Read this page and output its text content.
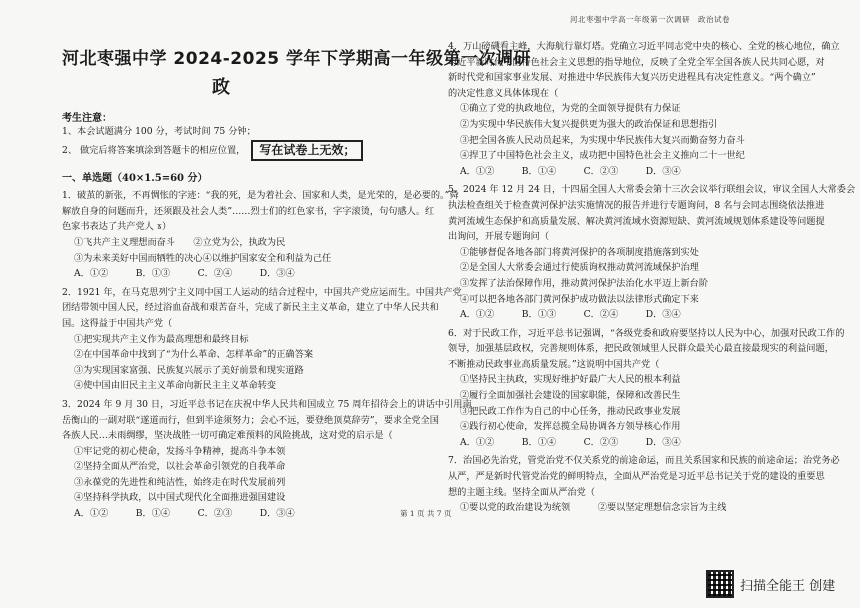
河北枣强中学高一年级第一次调研　政治试卷
河北枣强中学 2024-2025 学年下学期高一年级第一次调研
政
考生注意：
1、本会试题满分 100 分，考试时间 75 分钟；
2、 做完后将答案填涂到答题卡的相应位置，	写在试卷上无效；
一、单选题（40×1.5=60 分）
1．破茧的新张，不再惆怅的字迹：“我的死，是为着社会、国家和人类，是光荣的，是必要的。”舜
解放自身的问题而升，还须跟及社会人类”……烈士们的红色家书，字字滚烫，句句感人。红
色家书表达了共产党人 ɤ）
①飞共产主义理想而奋斗　　②立党为公，执政为民
③为未来美好中国而牺牲的决心④以维护国家安全和利益为己任
A．①②　　　B．①③　　　C．②④　　　D．③④
2．1921 年，在马克思列宁主义同中国工人运动的结合过程中，中国共产党应运而生。中国共产党
团结带领中国人民，经过浴血奋战和艰苦奋斗，完成了新民主主义革命，建立了中华人民共和
国。这得益于中国共产党（
①把实现共产主义作为最高理想和最终目标
②在中国革命中找到了“为什么革命、怎样革命”的正确答案
③为实现国家富强、民族复兴展示了美好前景和现实道路
④使中国由旧民主主义革命向新民主主义革命转变
3．2024 年 9 月 30 日，习近平总书记在庆祝中华人民共和国成立 75 周年招待会上的讲话中引用南
岳衡山的一副对联“遂道而行，但到半途须努力；会心不远，要登绝顶莫辞劳”，要求全党全国
各族人民…未雨绸缪，坚决战胜一切可确定难预料的风险挑战，这对党的启示是（
①牢记党的初心使命，发扬斗争精神，提高斗争本领
②坚持全面从严治党，以社会革命引领党的自我革命
③永葆党的先进性和纯洁性，始终走在时代发展前列
④坚持科学执政，以中国式现代化全面推进强国建设
A．①②　　　B．①④　　　C．②③　　　D．③④
4．万山磅礴看主峰，大海航行靠灯塔。党确立习近平同志党中央的核心、全党的核心地位，确立
习近平新时代中国特色社会主义思想的指导地位，反映了全党全军全国各族人民共同心愿，对
新时代党和国家事业发展、对推进中华民族伟大复兴历史进程具有决定性意义。“两个确立”
的决定性意义具体体现在（
①确立了党的执政地位，为党的全面领导提供有力保证
②为实现中华民族伟大复兴提供更为强大的政治保证和思想指引
③把全国各族人民动员起来，为实现中华民族伟大复兴而勤奋努力奋斗
④捍卫了中国特色社会主义，成功把中国特色社会主义推向二十一世纪
A．①②　　　B．①④　　　C．②③　　　D．③④
5．2024 年 12 月 24 日，十四届全国人大常委会第十三次会议举行联组会议，审议全国人大常委会
执法检查组关于检查黄河保护法实施情况的报告并进行专题询问，8 名与会同志围绕依法推进
黄河流域生态保护和高质量发展、解决黄河流域水资源短缺、黄河流域规划体系建设等问题提
出询问，开展专题询问（
①能够督促各地各部门将黄河保护的各项制度措施落到实处
②是全国人大常委会通过行使质询权推动黄河流域保护治理
③发挥了法治保障作用，推动黄河保护法治化水平迈上新台阶
④可以把各地各部门黄河保护成功做法以法律形式确定下来
A．①②　　　B．①③　　　C．②④　　　D．③④
6．对于民政工作，习近平总书记强调，“各级党委和政府要坚持以人民为中心，加强对民政工作的
领导，加强基层政权，完善规则体系，把民政领域里人民群众最关心最直接最现实的利益问题，
不断推动民政事业高质量发展。”这说明中国共产党（
①坚持民主执政，实现好维护好最广大人民的根本利益
②履行全面加强社会建设的国家职能，保障和改善民生
③把民政工作作为自己的中心任务，推动民政事业发展
④践行初心使命，发挥总揽全局协调各方领导核心作用
A．①②　　　B．①④　　　C．②③　　　D．③④
7．治国必先治党，管党治党不仅关系党的前途命运，而且关系国家和民族的前途命运；治党务必
从严，严是新时代管党治党的鲜明特点，全面从严治党是习近平总书记关于党的建设的重要思
想的主题主线。坚持全面从严治党（
①要以党的政治建设为统领　　　②要以坚定理想信念宗旨为主线
第 1 页 共 7 页
扫描全能王 创建
